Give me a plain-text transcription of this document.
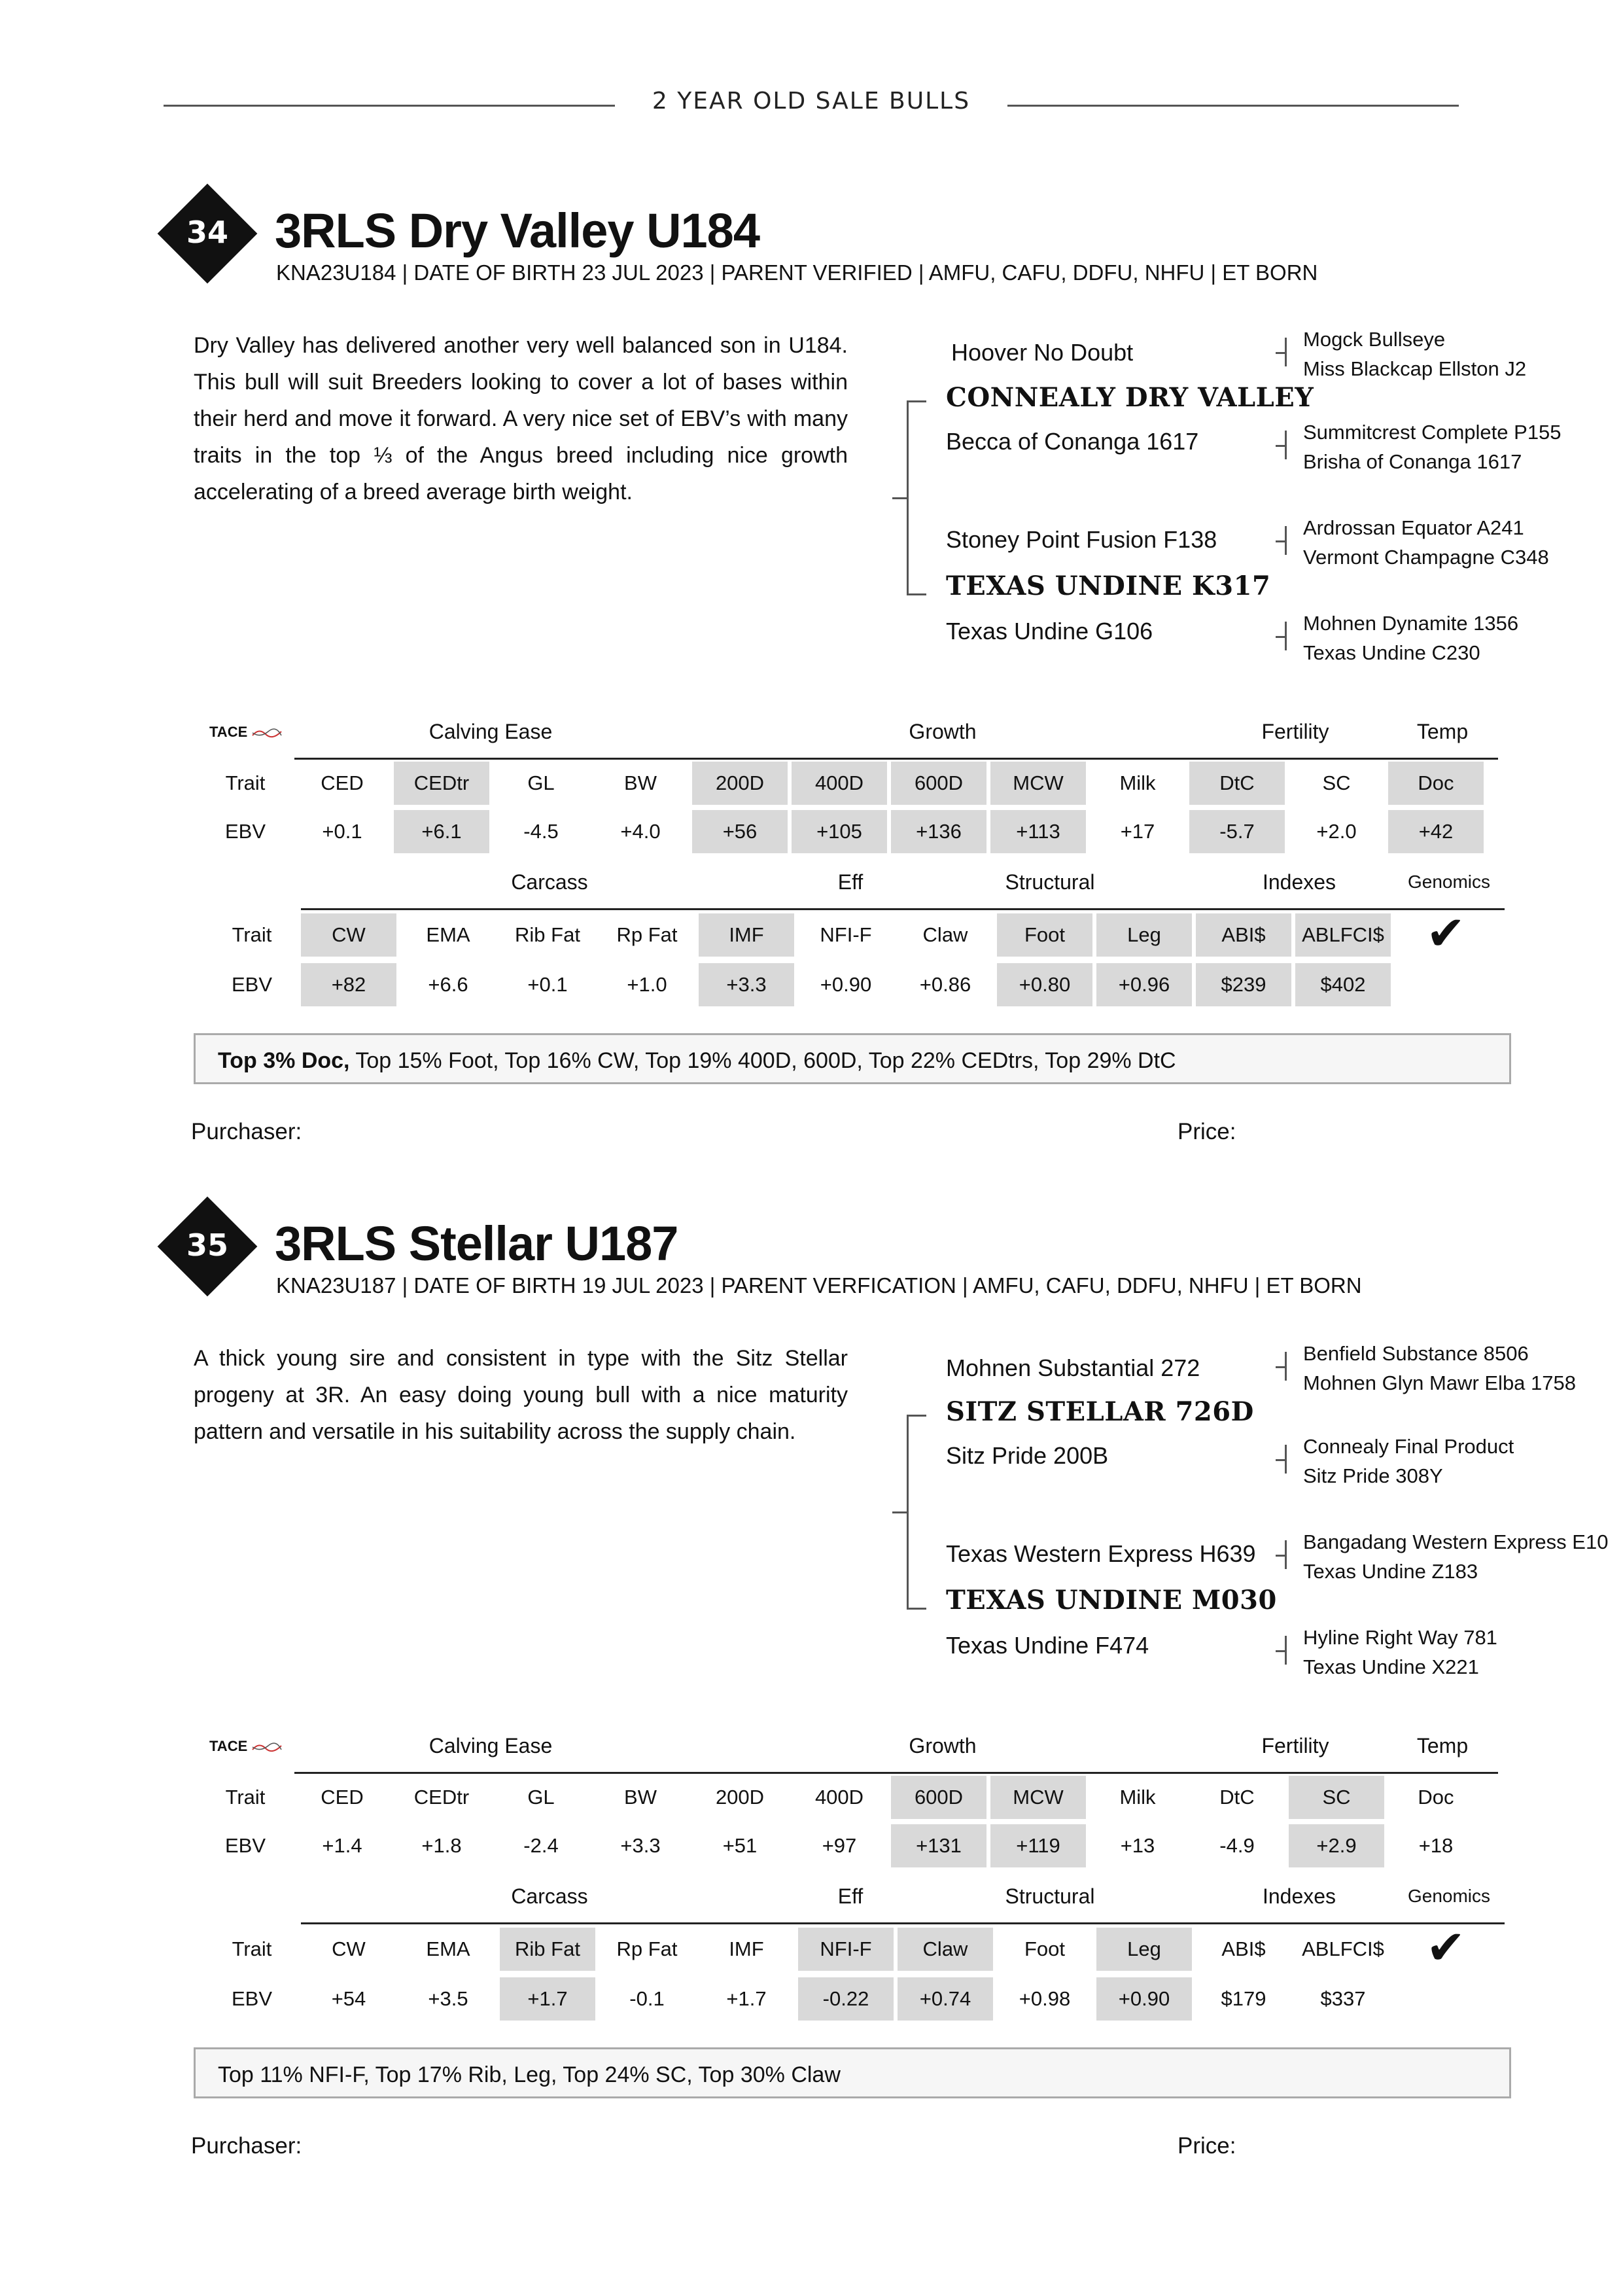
2 YEAR OLD SALE BULLS
34 3RLS Dry Valley U184
KNA23U184 | DATE OF BIRTH 23 JUL 2023 | PARENT VERIFIED | AMFU, CAFU, DDFU, NHFU | ET BORN
Dry Valley has delivered another very well balanced son in U184. This bull will suit Breeders looking to cover a lot of bases within their herd and move it forward. A very nice set of EBV’s with many traits in the top ⅓ of the Angus breed including nice growth accelerating of a breed average birth weight.
Hoover No Doubt
CONNEALY DRY VALLEY
Becca of Conanga 1617
Stoney Point Fusion F138
TEXAS UNDINE K317
Texas Undine G106
Mogck Bullseye
Miss Blackcap Ellston J2
Summitcrest Complete P155
Brisha of Conanga 1617
Ardrossan Equator A241
Vermont Champagne C348
Mohnen Dynamite 1356
Texas Undine C230
TACE	Calving Ease	Growth	Fertility	Temp
Trait
EBV
CED	CEDtr	GL	BW	200D	400D	600D	MCW	Milk	DtC	SC	Doc
+0.1	+6.1	-4.5	+4.0	+56	+105	+136	+113	+17	-5.7	+2.0	+42
Carcass	Eff	Structural	Indexes	Genomics
Trait
EBV
✔
CW	EMA	Rib Fat	Rp Fat	IMF	NFI-F	Claw	Foot	Leg	ABI$	ABLFCI$
+82	+6.6	+0.1	+1.0	+3.3	+0.90	+0.86	+0.80	+0.96	$239	$402
Top 3% Doc, Top 15% Foot, Top 16% CW, Top 19% 400D, 600D, Top 22% CEDtrs, Top 29% DtC
Purchaser:	Price:
35 3RLS Stellar U187
KNA23U187 | DATE OF BIRTH 19 JUL 2023 | PARENT VERFICATION | AMFU, CAFU, DDFU, NHFU | ET BORN
A thick young sire and consistent in type with the Sitz Stellar progeny at 3R. An easy doing young bull with a nice maturity pattern and versatile in his suitability across the supply chain.
Mohnen Substantial 272
SITZ STELLAR 726D
Sitz Pride 200B
Texas Western Express H639
TEXAS UNDINE M030
Texas Undine F474
Benfield Substance 8506
Mohnen Glyn Mawr Elba 1758
Connealy Final Product
Sitz Pride 308Y
Bangadang Western Express E10
Texas Undine Z183
Hyline Right Way 781
Texas Undine X221
TACE	Calving Ease	Growth	Fertility	Temp
Trait
EBV
CED	CEDtr	GL	BW	200D	400D	600D	MCW	Milk	DtC	SC	Doc
+1.4	+1.8	-2.4	+3.3	+51	+97	+131	+119	+13	-4.9	+2.9	+18
Carcass	Eff	Structural	Indexes	Genomics
Trait
EBV
✔
CW	EMA	Rib Fat	Rp Fat	IMF	NFI-F	Claw	Foot	Leg	ABI$	ABLFCI$
+54	+3.5	+1.7	-0.1	+1.7	-0.22	+0.74	+0.98	+0.90	$179	$337
Top 11% NFI-F, Top 17% Rib, Leg, Top 24% SC, Top 30% Claw
Purchaser:	Price:
